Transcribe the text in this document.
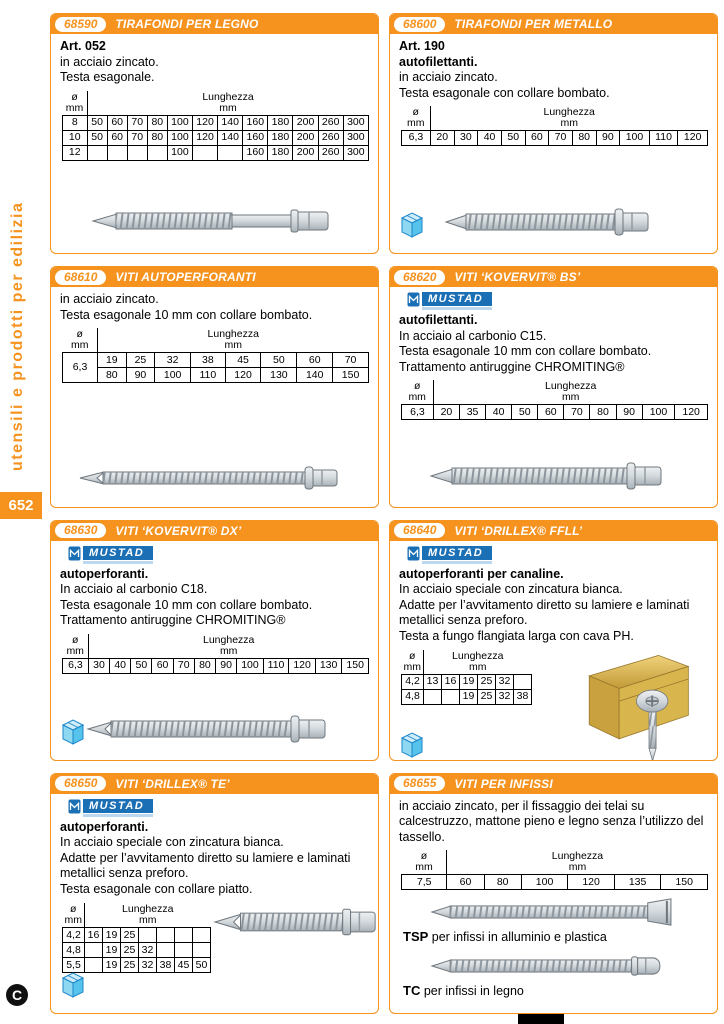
utensili e prodotti per edilizia
652
C
68590	TIRAFONDI PER LEGNO

Art. 052

in acciaio zincato.

Testa esagonale.

ø
mm

Lunghezza
mm

8	50	60	70	80	100	120	140	160	180	200	260	300
10	50	60	70	80	100	120	140	160	180	200	260	300
12					100			160	180	200	260	300
68600	TIRAFONDI PER METALLO

Art. 190

autofilettanti.

in acciaio zincato.

Testa esagonale con collare bombato.

ø
mm

Lunghezza
mm

6,3	20	30	40	50	60	70	80	90	100	110	120
68610	VITI AUTOPERFORANTI

in acciaio zincato.

Testa esagonale 10 mm con collare bombato.

ø
mm

Lunghezza
mm

6,3	19	25	32	38	45	50	60	70
	80	90	100	110	120	130	140	150
68620	VITI ‘KOVERVIT® BS’
MUSTAD

autofilettanti.

In acciaio al carbonio C15.

Testa esagonale 10 mm con collare bombato.

Trattamento antiruggine CHROMITING®

ø
mm

Lunghezza
mm

6,3	20	35	40	50	60	70	80	90	100	120
68630	VITI ‘KOVERVIT® DX’
MUSTAD

autoperforanti.

In acciaio al carbonio C18.

Testa esagonale 10 mm con collare bombato.

Trattamento antiruggine CHROMITING®

ø
mm

Lunghezza
mm

6,3	30	40	50	60	70	80	90	100	110	120	130	150
68640	VITI ‘DRILLEX® FFLL’
MUSTAD

autoperforanti per canaline.

In acciaio speciale con zincatura bianca.

Adatte per l’avvitamento diretto su lamiere e laminati metallici senza preforo.

Testa a fungo flangiata larga con cava PH.

ø
mm

Lunghezza
mm

4,2	13	16	19	25	32	
4,8			19	25	32	38
68650	VITI ‘DRILLEX® TE’
MUSTAD

autoperforanti.

In acciaio speciale con zincatura bianca.

Adatte per l’avvitamento diretto su lamiere e laminati metallici senza preforo.

Testa esagonale con collare piatto.

ø
mm

Lunghezza
mm

4,2	16	19	25				
4,8		19	25	32			
5,5		19	25	32	38	45	50
68655	VITI PER INFISSI

in acciaio zincato, per il fissaggio dei telai su calcestruzzo, mattone pieno e legno senza l’utilizzo del tassello.

ø
mm

Lunghezza
mm

7,5	60	80	100	120	135	150

TSP per infissi in alluminio e plastica

TC per infissi in legno
